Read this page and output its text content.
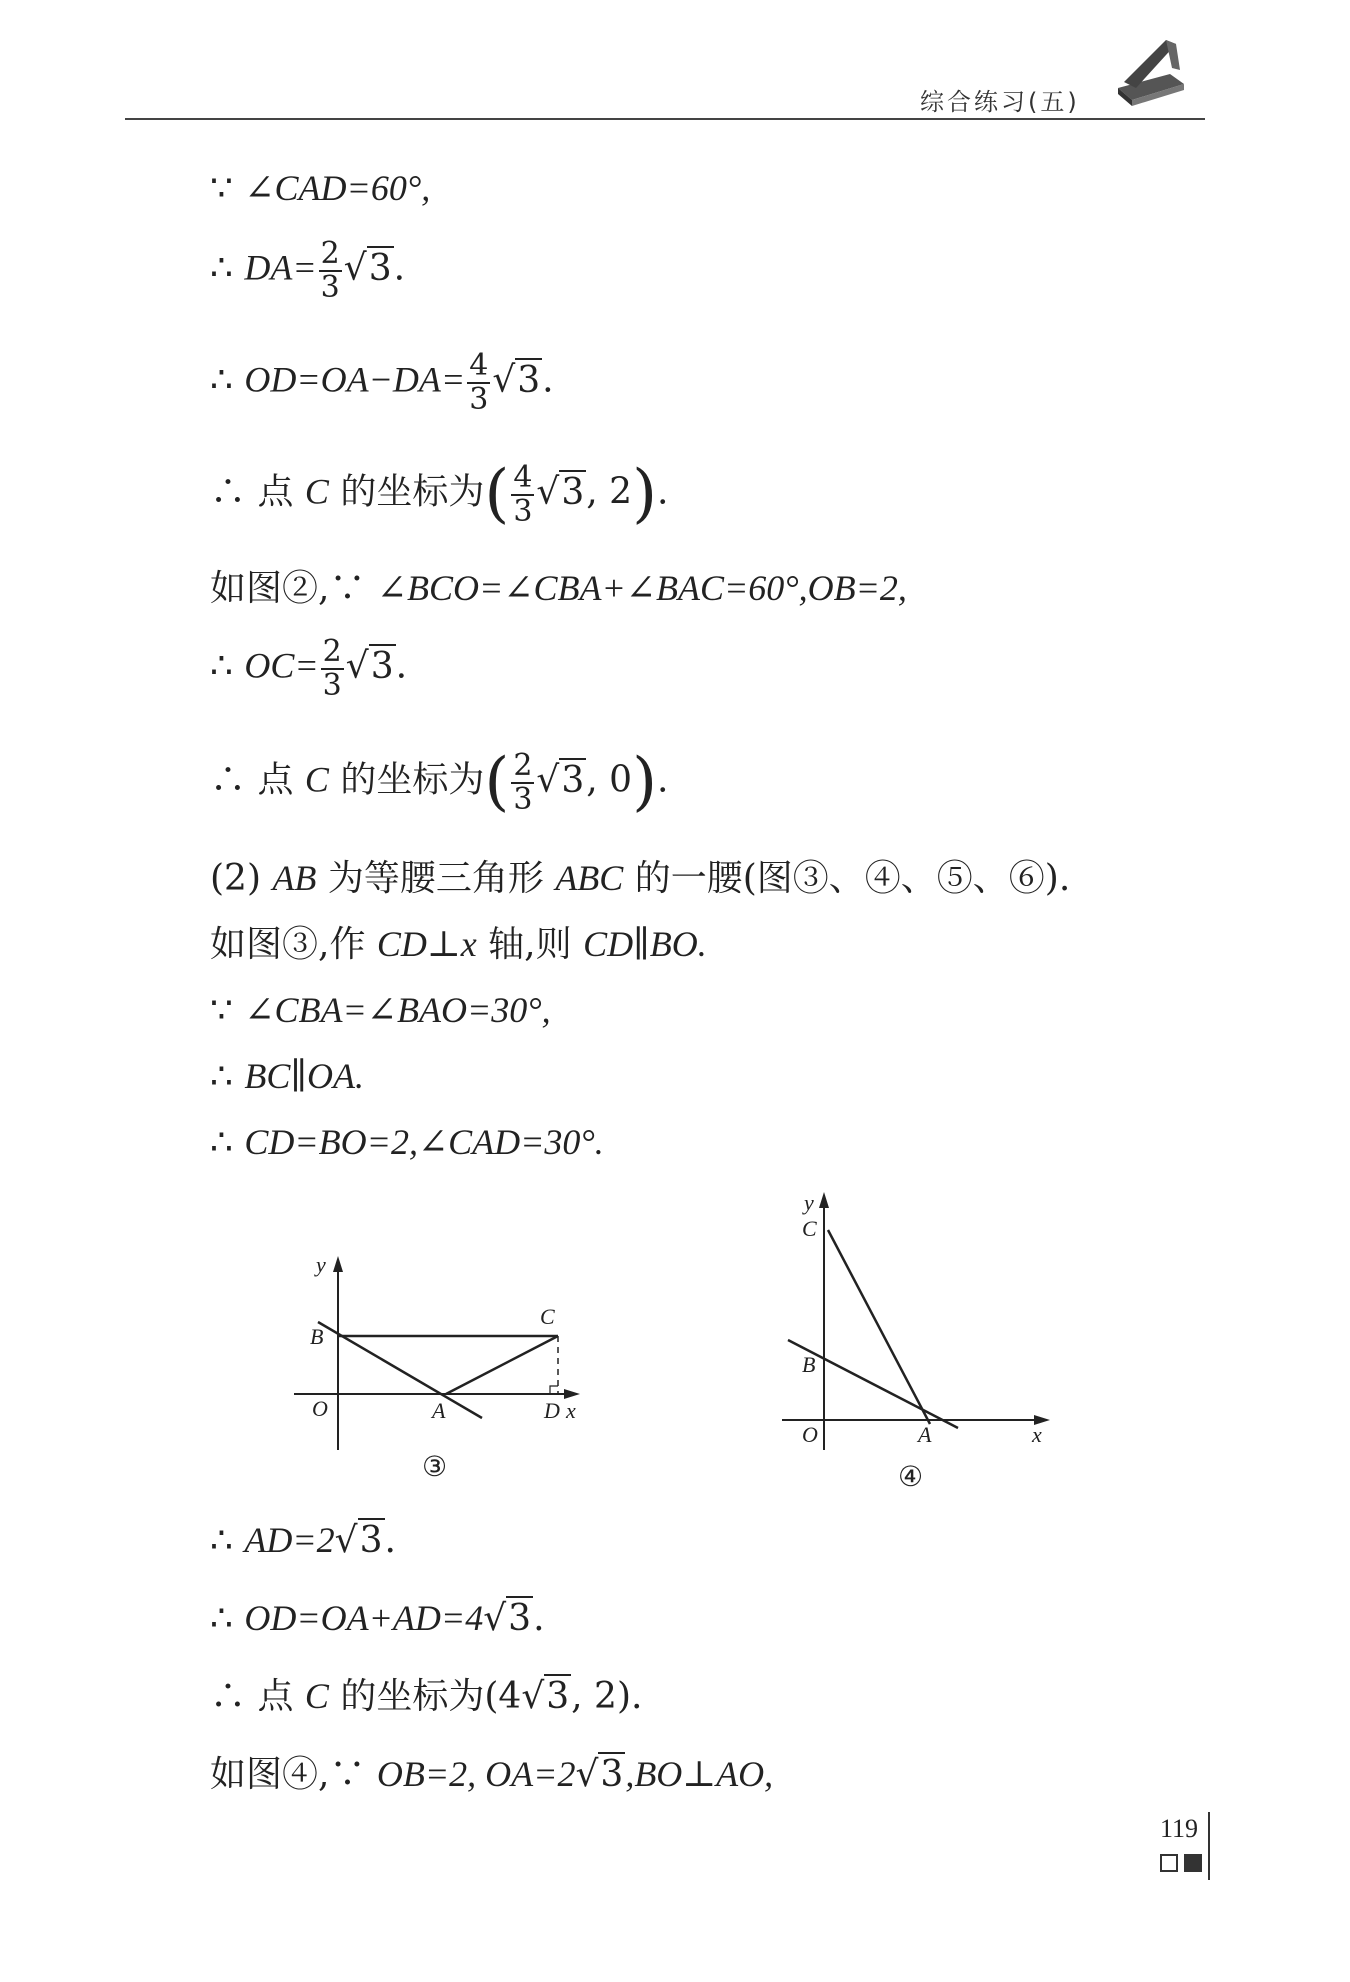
综合练习(五)
∵ ∠CAD=60°,
∴ $DA= \frac{2}{3} √3$.
∴ $OD=OA-DA= \frac{4}{3} √3$.
∴ 点 C 的坐标为( $\frac{4}{3} √3$, 2).
如图②,∵ ∠BCO=∠CBA+∠BAC=60°,OB=2,
∴ $OC= \frac{2}{3} √3$.
∴ 点 C 的坐标为( $\frac{2}{3} √3$, 0).
(2) AB 为等腰三角形 ABC 的一腰(图③、④、⑤、⑥).
如图③,作 CD⊥x 轴,则 CD∥BO.
∵ ∠CBA=∠BAO=30°,
∴ BC∥OA.
∴ CD=BO=2,∠CAD=30°.
y
B
C
O	A	D x
③
y
C
B
O	A	x
④
∴ AD=2√3.
∴ OD=OA+AD=4√3.
∴ 点 C 的坐标为(4√3, 2).
如图④,∵ OB=2, OA=2√3,BO⊥AO,
119
